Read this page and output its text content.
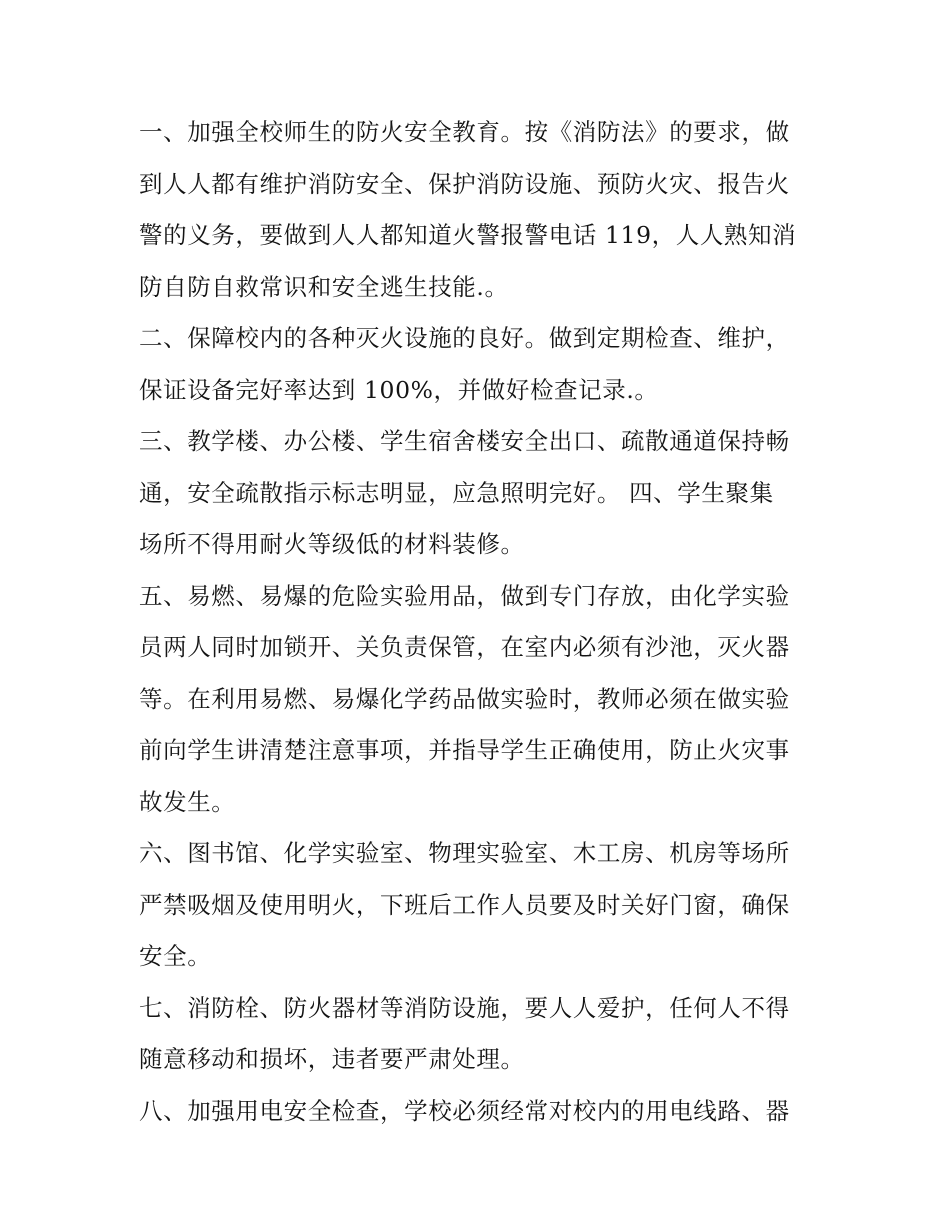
一、加强全校师生的防火安全教育。按《消防法》的要求，做
到人人都有维护消防安全、保护消防设施、预防火灾、报告火
警的义务，要做到人人都知道火警报警电话 119，人人熟知消
防自防自救常识和安全逃生技能.。
二、保障校内的各种灭火设施的良好。做到定期检查、维护，
保证设备完好率达到 100%，并做好检查记录.。
三、教学楼、办公楼、学生宿舍楼安全出口、疏散通道保持畅
通，安全疏散指示标志明显，应急照明完好。 四、学生聚集
场所不得用耐火等级低的材料装修。
五、易燃、易爆的危险实验用品，做到专门存放，由化学实验
员两人同时加锁开、关负责保管，在室内必须有沙池，灭火器
等。在利用易燃、易爆化学药品做实验时，教师必须在做实验
前向学生讲清楚注意事项，并指导学生正确使用，防止火灾事
故发生。
六、图书馆、化学实验室、物理实验室、木工房、机房等场所
严禁吸烟及使用明火，下班后工作人员要及时关好门窗，确保
安全。
七、消防栓、防火器材等消防设施，要人人爱护，任何人不得
随意移动和损坏，违者要严肃处理。
八、加强用电安全检查，学校必须经常对校内的用电线路、器
